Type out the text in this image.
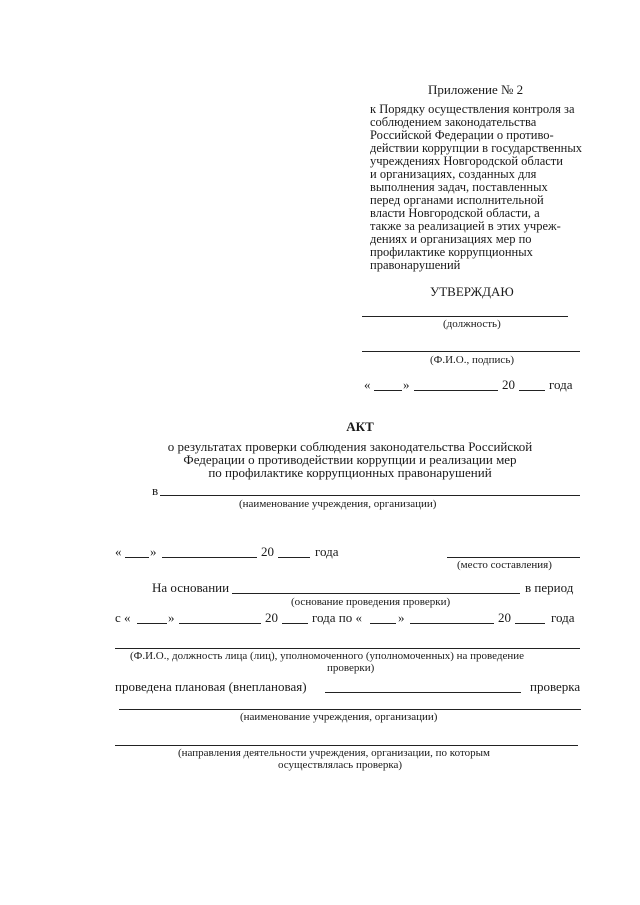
Приложение № 2
к Порядку осуществления контроля за
соблюдением законодательства
Российской Федерации о противо-
действии коррупции в государственных
учреждениях Новгородской области
и организациях, созданных для
выполнения задач, поставленных
перед органами исполнительной
власти Новгородской области, а
также за реализацией в этих учреж-
дениях и организациях мер по
профилактике коррупционных
правонарушений
УТВЕРЖДАЮ
(должность)
(Ф.И.О., подпись)
«	»	20	года
АКТ
о результатах проверки соблюдения законодательства Российской
Федерации о противодействии коррупции и реализации мер
по профилактике коррупционных правонарушений
в
(наименование учреждения, организации)
« »	20	года
(место составления)
На основании	в период
(основание проведения проверки)
с «	»	20	года по «	»	20	года
(Ф.И.О., должность лица (лиц), уполномоченного (уполномоченных) на проведение
проверки)
проведена плановая (внеплановая)	проверка
(наименование учреждения, организации)
(направления деятельности учреждения, организации, по которым
осуществлялась проверка)
